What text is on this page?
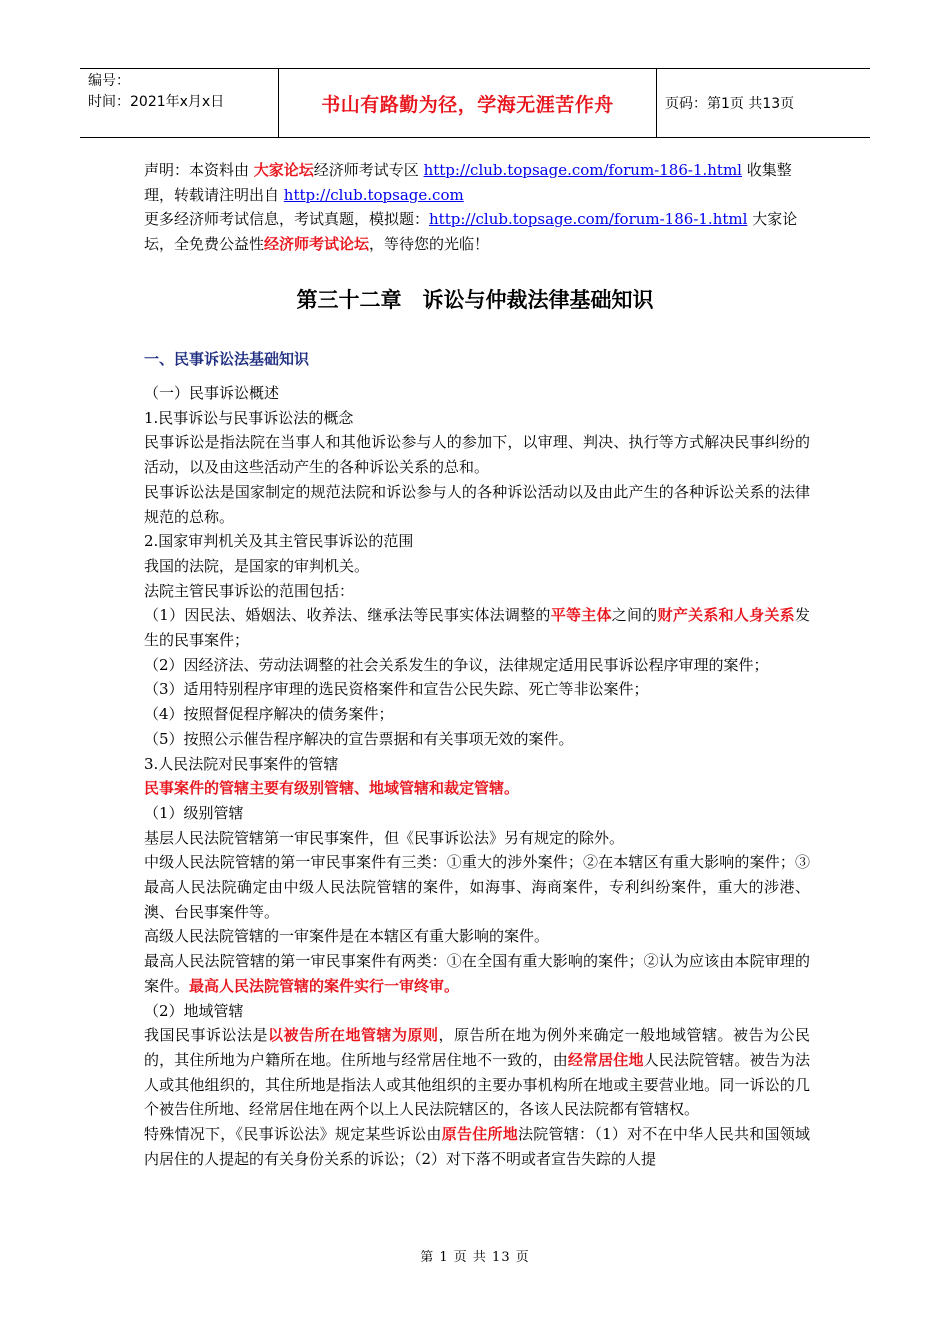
编号：
时间：2021年x月x日	书山有路勤为径，学海无涯苦作舟	页码：第1页 共13页

声明：本资料由 大家论坛经济师考试专区 http://club.topsage.com/forum-186-1.html 收集整理，转载请注明出自 http://club.topsage.com

更多经济师考试信息，考试真题，模拟题：http://club.topsage.com/forum-186-1.html 大家论坛，全免费公益性经济师考试论坛，等待您的光临！

第三十二章　诉讼与仲裁法律基础知识
一、民事诉讼法基础知识

（一）民事诉讼概述

1.民事诉讼与民事诉讼法的概念

民事诉讼是指法院在当事人和其他诉讼参与人的参加下，以审理、判决、执行等方式解决民事纠纷的活动，以及由这些活动产生的各种诉讼关系的总和。

民事诉讼法是国家制定的规范法院和诉讼参与人的各种诉讼活动以及由此产生的各种诉讼关系的法律规范的总称。

2.国家审判机关及其主管民事诉讼的范围

我国的法院，是国家的审判机关。

法院主管民事诉讼的范围包括：

（1）因民法、婚姻法、收养法、继承法等民事实体法调整的平等主体之间的财产关系和人身关系发生的民事案件；

（2）因经济法、劳动法调整的社会关系发生的争议，法律规定适用民事诉讼程序审理的案件；

（3）适用特别程序审理的选民资格案件和宣告公民失踪、死亡等非讼案件；

（4）按照督促程序解决的债务案件；

（5）按照公示催告程序解决的宣告票据和有关事项无效的案件。

3.人民法院对民事案件的管辖

民事案件的管辖主要有级别管辖、地域管辖和裁定管辖。

（1）级别管辖

基层人民法院管辖第一审民事案件，但《民事诉讼法》另有规定的除外。

中级人民法院管辖的第一审民事案件有三类：①重大的涉外案件；②在本辖区有重大影响的案件；③最高人民法院确定由中级人民法院管辖的案件，如海事、海商案件，专利纠纷案件，重大的涉港、澳、台民事案件等。

高级人民法院管辖的一审案件是在本辖区有重大影响的案件。

最高人民法院管辖的第一审民事案件有两类：①在全国有重大影响的案件；②认为应该由本院审理的案件。最高人民法院管辖的案件实行一审终审。

（2）地域管辖

我国民事诉讼法是以被告所在地管辖为原则，原告所在地为例外来确定一般地域管辖。被告为公民的，其住所地为户籍所在地。住所地与经常居住地不一致的，由经常居住地人民法院管辖。被告为法人或其他组织的，其住所地是指法人或其他组织的主要办事机构所在地或主要营业地。同一诉讼的几个被告住所地、经常居住地在两个以上人民法院辖区的，各该人民法院都有管辖权。

特殊情况下，《民事诉讼法》规定某些诉讼由原告住所地法院管辖：（1）对不在中华人民共和国领域内居住的人提起的有关身份关系的诉讼；（2）对下落不明或者宣告失踪的人提

第 1 页 共 13 页
